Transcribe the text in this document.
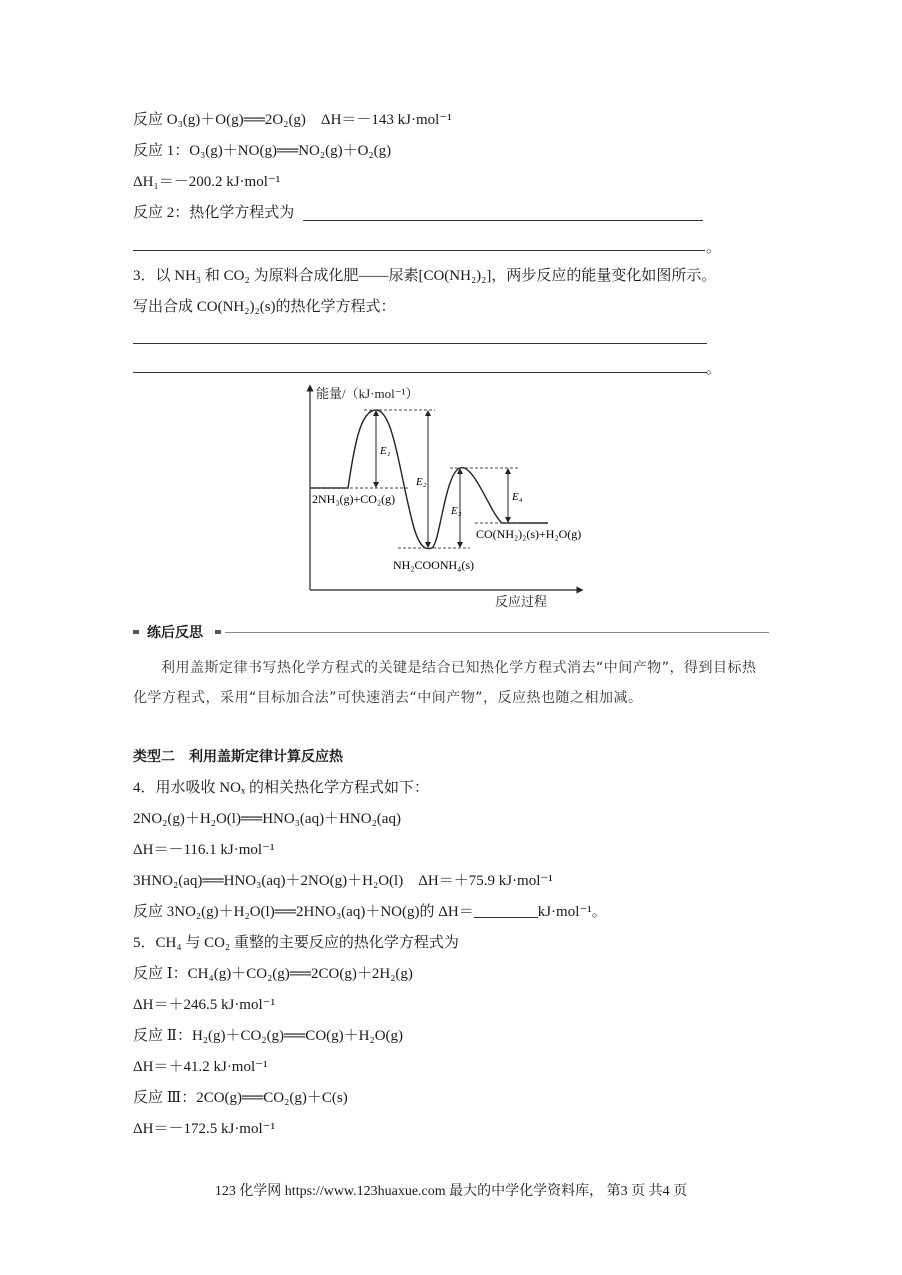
反应 O₃(g)＋O(g)══2O₂(g)　ΔH＝－143 kJ·mol⁻¹
反应 1：O₃(g)＋NO(g)══NO₂(g)＋O₂(g)
ΔH₁＝－200.2 kJ·mol⁻¹
反应 2：热化学方程式为
。
3．以 NH₃ 和 CO₂ 为原料合成化肥——尿素[CO(NH₂)₂]，两步反应的能量变化如图所示。
写出合成 CO(NH₂)₂(s)的热化学方程式：
。
能量/（kJ·mol⁻¹）
反应过程
E₁
E₂
E₃
E₄
2NH₃(g)+CO₂(g)
NH₂COONH₄(s)
CO(NH₂)₂(s)+H₂O(g)
练后反思
利用盖斯定律书写热化学方程式的关键是结合已知热化学方程式消去“中间产物”，得到目标热化学方程式，采用“目标加合法”可快速消去“中间产物”，反应热也随之相加减。
类型二　利用盖斯定律计算反应热
4．用水吸收 NOₓ 的相关热化学方程式如下：
2NO₂(g)＋H₂O(l)══HNO₃(aq)＋HNO₂(aq)
ΔH＝－116.1 kJ·mol⁻¹
3HNO₂(aq)══HNO₃(aq)＋2NO(g)＋H₂O(l)　ΔH＝＋75.9 kJ·mol⁻¹
反应 3NO₂(g)＋H₂O(l)══2HNO₃(aq)＋NO(g)的 ΔH＝	kJ·mol⁻¹。
5．CH₄ 与 CO₂ 重整的主要反应的热化学方程式为
反应 Ⅰ：CH₄(g)＋CO₂(g)══2CO(g)＋2H₂(g)
ΔH＝＋246.5 kJ·mol⁻¹
反应 Ⅱ：H₂(g)＋CO₂(g)══CO(g)＋H₂O(g)
ΔH＝＋41.2 kJ·mol⁻¹
反应 Ⅲ：2CO(g)══CO₂(g)＋C(s)
ΔH＝－172.5 kJ·mol⁻¹
123 化学网 https://www.123huaxue.com 最大的中学化学资料库， 第3 页 共4 页
